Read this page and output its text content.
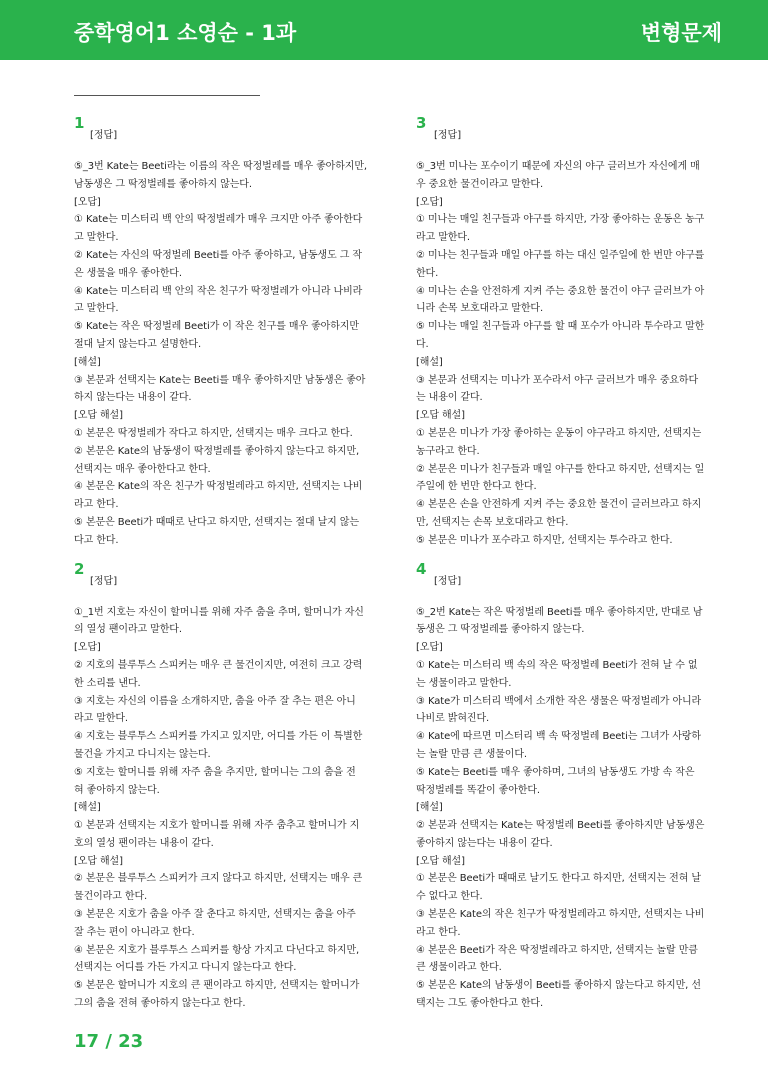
중학영어1 소영순 - 1과	변형문제
1
[정답]
⑤_3번 Kate는 Beeti라는 이름의 작은 딱정벌레를 매우 좋아하지만,
남동생은 그 딱정벌레를 좋아하지 않는다.
[오답]
① Kate는 미스터리 백 안의 딱정벌레가 매우 크지만 아주 좋아한다
고 말한다.
② Kate는 자신의 딱정벌레 Beeti를 아주 좋아하고, 남동생도 그 작
은 생물을 매우 좋아한다.
④ Kate는 미스터리 백 안의 작은 친구가 딱정벌레가 아니라 나비라
고 말한다.
⑤ Kate는 작은 딱정벌레 Beeti가 이 작은 친구를 매우 좋아하지만
절대 날지 않는다고 설명한다.
[해설]
③ 본문과 선택지는 Kate는 Beeti를 매우 좋아하지만 남동생은 좋아
하지 않는다는 내용이 같다.
[오답 해설]
① 본문은 딱정벌레가 작다고 하지만, 선택지는 매우 크다고 한다.
② 본문은 Kate의 남동생이 딱정벌레를 좋아하지 않는다고 하지만,
선택지는 매우 좋아한다고 한다.
④ 본문은 Kate의 작은 친구가 딱정벌레라고 하지만, 선택지는 나비
라고 한다.
⑤ 본문은 Beeti가 때때로 난다고 하지만, 선택지는 절대 날지 않는
다고 한다.
2
[정답]
①_1번 지호는 자신이 할머니를 위해 자주 춤을 추며, 할머니가 자신
의 열성 팬이라고 말한다.
[오답]
② 지호의 블루투스 스피커는 매우 큰 물건이지만, 여전히 크고 강력
한 소리를 낸다.
③ 지호는 자신의 이름을 소개하지만, 춤을 아주 잘 추는 편은 아니
라고 말한다.
④ 지호는 블루투스 스피커를 가지고 있지만, 어디를 가든 이 특별한
물건을 가지고 다니지는 않는다.
⑤ 지호는 할머니를 위해 자주 춤을 추지만, 할머니는 그의 춤을 전
혀 좋아하지 않는다.
[해설]
① 본문과 선택지는 지호가 할머니를 위해 자주 춤추고 할머니가 지
호의 열성 팬이라는 내용이 같다.
[오답 해설]
② 본문은 블루투스 스피커가 크지 않다고 하지만, 선택지는 매우 큰
물건이라고 한다.
③ 본문은 지호가 춤을 아주 잘 춘다고 하지만, 선택지는 춤을 아주
잘 추는 편이 아니라고 한다.
④ 본문은 지호가 블루투스 스피커를 항상 가지고 다닌다고 하지만,
선택지는 어디를 가든 가지고 다니지 않는다고 한다.
⑤ 본문은 할머니가 지호의 큰 팬이라고 하지만, 선택지는 할머니가
그의 춤을 전혀 좋아하지 않는다고 한다.
3
[정답]
⑤_3번 미나는 포수이기 때문에 자신의 야구 글러브가 자신에게 매
우 중요한 물건이라고 말한다.
[오답]
① 미나는 매일 친구들과 야구를 하지만, 가장 좋아하는 운동은 농구
라고 말한다.
② 미나는 친구들과 매일 야구를 하는 대신 일주일에 한 번만 야구를
한다.
④ 미나는 손을 안전하게 지켜 주는 중요한 물건이 야구 글러브가 아
니라 손목 보호대라고 말한다.
⑤ 미나는 매일 친구들과 야구를 할 때 포수가 아니라 투수라고 말한
다.
[해설]
③ 본문과 선택지는 미나가 포수라서 야구 글러브가 매우 중요하다
는 내용이 같다.
[오답 해설]
① 본문은 미나가 가장 좋아하는 운동이 야구라고 하지만, 선택지는
농구라고 한다.
② 본문은 미나가 친구들과 매일 야구를 한다고 하지만, 선택지는 일
주일에 한 번만 한다고 한다.
④ 본문은 손을 안전하게 지켜 주는 중요한 물건이 글러브라고 하지
만, 선택지는 손목 보호대라고 한다.
⑤ 본문은 미나가 포수라고 하지만, 선택지는 투수라고 한다.
4
[정답]
⑤_2번 Kate는 작은 딱정벌레 Beeti를 매우 좋아하지만, 반대로 남
동생은 그 딱정벌레를 좋아하지 않는다.
[오답]
① Kate는 미스터리 백 속의 작은 딱정벌레 Beeti가 전혀 날 수 없
는 생물이라고 말한다.
③ Kate가 미스터리 백에서 소개한 작은 생물은 딱정벌레가 아니라
나비로 밝혀진다.
④ Kate에 따르면 미스터리 백 속 딱정벌레 Beeti는 그녀가 사랑하
는 놀랄 만큼 큰 생물이다.
⑤ Kate는 Beeti를 매우 좋아하며, 그녀의 남동생도 가방 속 작은
딱정벌레를 똑같이 좋아한다.
[해설]
② 본문과 선택지는 Kate는 딱정벌레 Beeti를 좋아하지만 남동생은
좋아하지 않는다는 내용이 같다.
[오답 해설]
① 본문은 Beeti가 때때로 날기도 한다고 하지만, 선택지는 전혀 날
수 없다고 한다.
③ 본문은 Kate의 작은 친구가 딱정벌레라고 하지만, 선택지는 나비
라고 한다.
④ 본문은 Beeti가 작은 딱정벌레라고 하지만, 선택지는 놀랄 만큼
큰 생물이라고 한다.
⑤ 본문은 Kate의 남동생이 Beeti를 좋아하지 않는다고 하지만, 선
택지는 그도 좋아한다고 한다.
17 / 23
